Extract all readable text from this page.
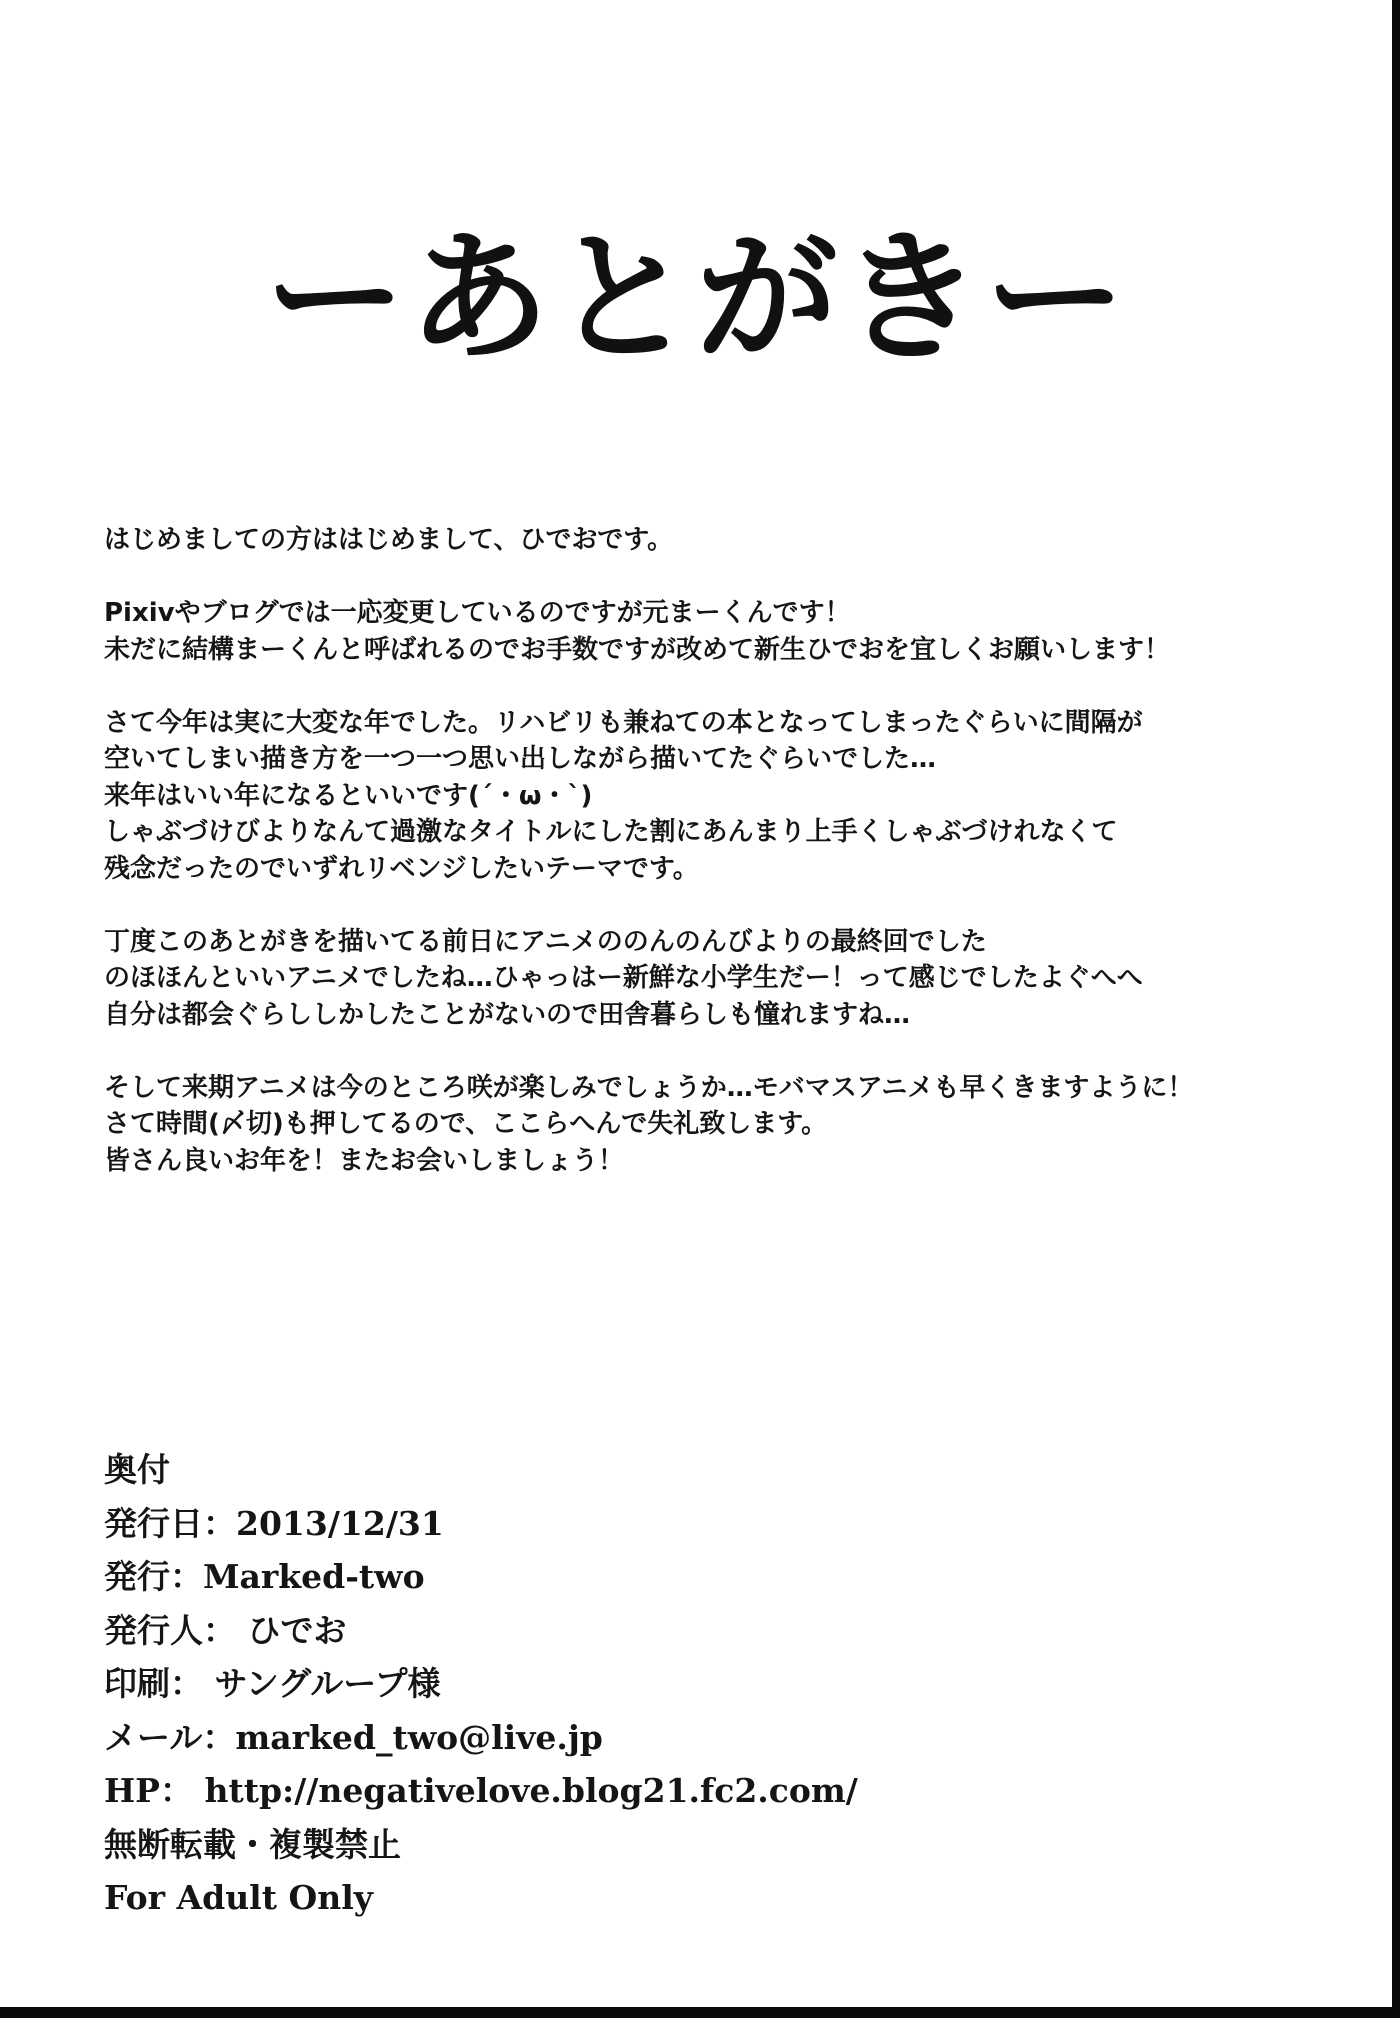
ーあとがきー
はじめましての方ははじめまして、ひでおです。
Pixivやブログでは一応変更しているのですが元まーくんです！
未だに結構まーくんと呼ばれるのでお手数ですが改めて新生ひでおを宜しくお願いします！
さて今年は実に大変な年でした。リハビリも兼ねての本となってしまったぐらいに間隔が
空いてしまい描き方を一つ一つ思い出しながら描いてたぐらいでした…
来年はいい年になるといいです(´・ω・`)
しゃぶづけびよりなんて過激なタイトルにした割にあんまり上手くしゃぶづけれなくて
残念だったのでいずれリベンジしたいテーマです。
丁度このあとがきを描いてる前日にアニメののんのんびよりの最終回でした
のほほんといいアニメでしたね…ひゃっはー新鮮な小学生だー！って感じでしたよぐへへ
自分は都会ぐらししかしたことがないので田舎暮らしも憧れますね…
そして来期アニメは今のところ咲が楽しみでしょうか…モバマスアニメも早くきますように！
さて時間(〆切)も押してるので、ここらへんで失礼致します。
皆さん良いお年を！またお会いしましょう！
奥付
発行日：2013/12/31
発行：Marked-two
発行人： ひでお
印刷： サングループ様
メール：marked_two@live.jp
HP： http://negativelove.blog21.fc2.com/
無断転載・複製禁止
For Adult Only
